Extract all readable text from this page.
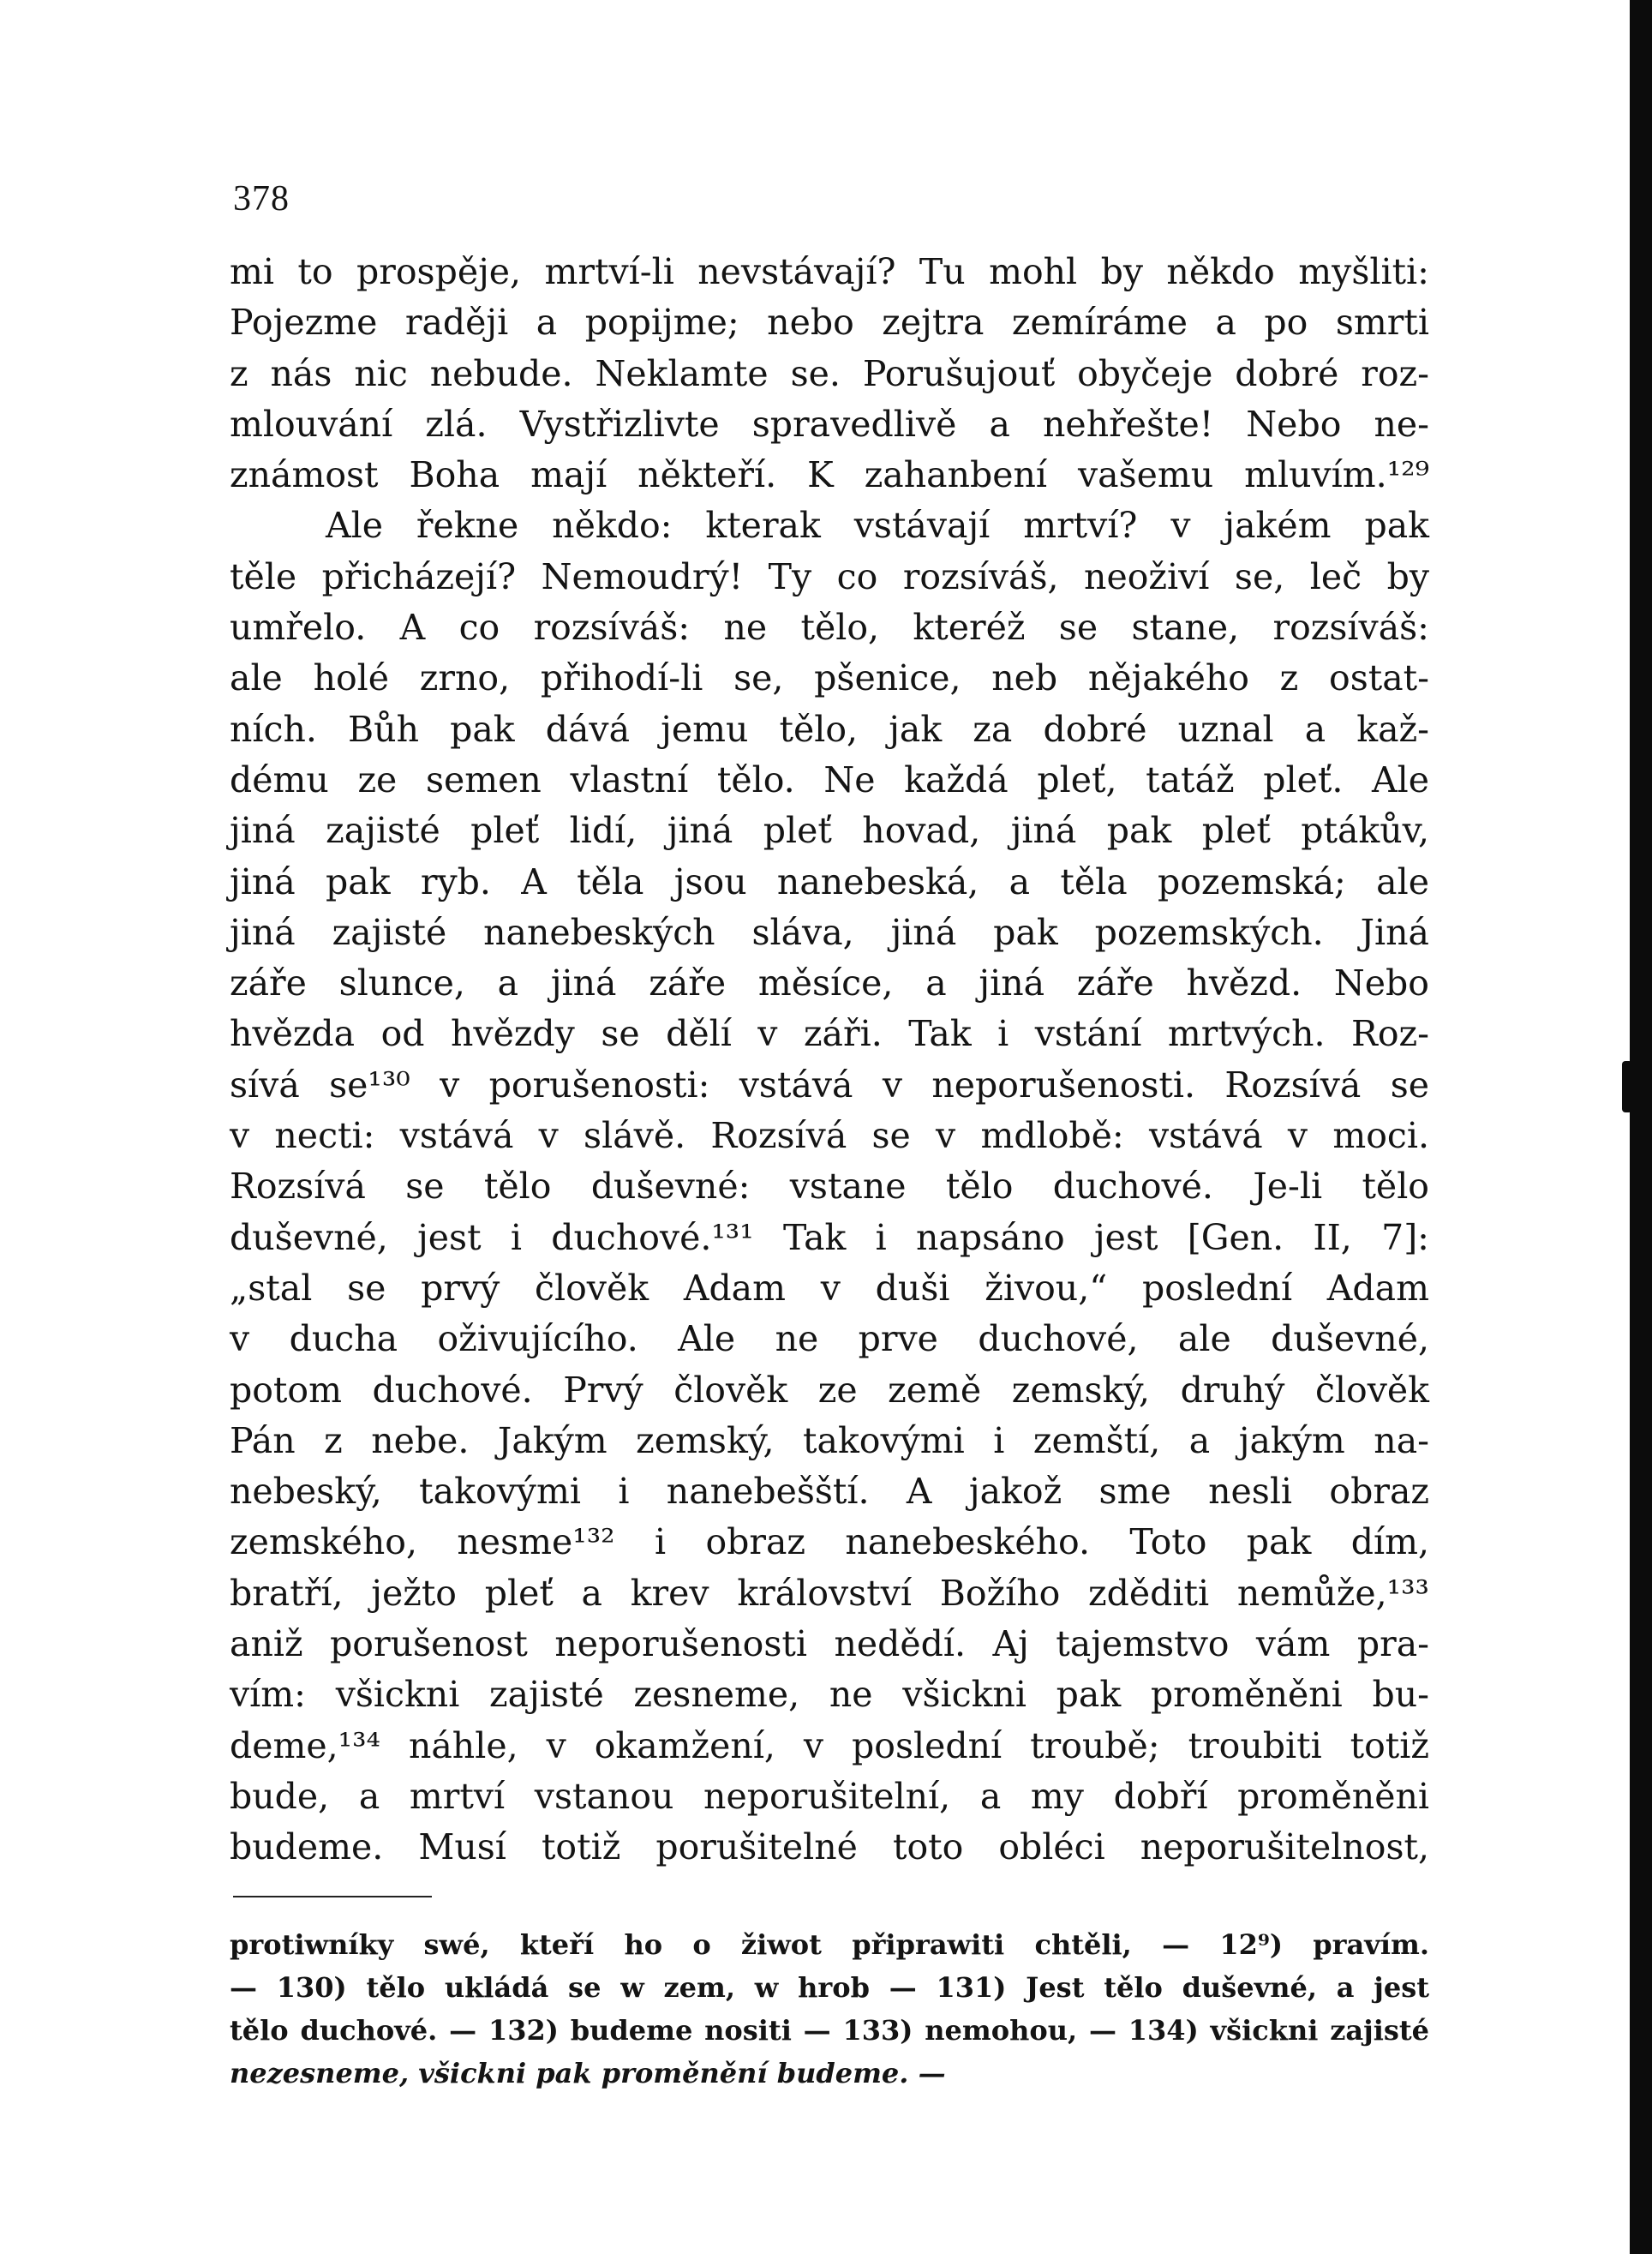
378
mi to prospěje, mrtví-li nevstávají? Tu mohl by někdo myšliti:
Pojezme raději a popijme; nebo zejtra zemíráme a po smrti
z nás nic nebude. Neklamte se. Porušujouť obyčeje dobré roz-
mlouvání zlá. Vystřizlivte spravedlivě a nehřešte! Nebo ne-
známost Boha mají někteří. K zahanbení vašemu mluvím.¹²⁹
Ale řekne někdo: kterak vstávají mrtví? v jakém pak
těle přicházejí? Nemoudrý! Ty co rozsíváš, neoživí se, leč by
umřelo. A co rozsíváš: ne tělo, kteréž se stane, rozsíváš:
ale holé zrno, přihodí-li se, pšenice, neb nějakého z ostat-
ních. Bůh pak dává jemu tělo, jak za dobré uznal a kaž-
dému ze semen vlastní tělo. Ne každá pleť, tatáž pleť. Ale
jiná zajisté pleť lidí, jiná pleť hovad, jiná pak pleť ptákův,
jiná pak ryb. A těla jsou nanebeská, a těla pozemská; ale
jiná zajisté nanebeských sláva, jiná pak pozemských. Jiná
záře slunce, a jiná záře měsíce, a jiná záře hvězd. Nebo
hvězda od hvězdy se dělí v záři. Tak i vstání mrtvých. Roz-
sívá se¹³⁰ v porušenosti: vstává v neporušenosti. Rozsívá se
v necti: vstává v slávě. Rozsívá se v mdlobě: vstává v moci.
Rozsívá se tělo duševné: vstane tělo duchové. Je-li tělo
duševné, jest i duchové.¹³¹ Tak i napsáno jest [Gen. II, 7]:
„stal se prvý člověk Adam v duši živou,“ poslední Adam
v ducha oživujícího. Ale ne prve duchové, ale duševné,
potom duchové. Prvý člověk ze země zemský, druhý člověk
Pán z nebe. Jakým zemský, takovými i zemští, a jakým na-
nebeský, takovými i nanebešští. A jakož sme nesli obraz
zemského, nesme¹³² i obraz nanebeského. Toto pak dím,
bratří, ježto pleť a krev království Božího zděditi nemůže,¹³³
aniž porušenost neporušenosti nedědí. Aj tajemstvo vám pra-
vím: všickni zajisté zesneme, ne všickni pak proměněni bu-
deme,¹³⁴ náhle, v okamžení, v poslední troubě; troubiti totiž
bude, a mrtví vstanou neporušitelní, a my dobří proměněni
budeme. Musí totiž porušitelné toto obléci neporušitelnost,
protiwníky swé, kteří ho o žiwot připrawiti chtěli, — 12⁹) pravím.
— 130) tělo ukládá se w zem, w hrob — 131) Jest tělo duševné, a jest
tělo duchové. — 132) budeme nositi — 133) nemohou, — 134) všickni zajisté
nezesneme, všickni pak proměnění budeme. —
